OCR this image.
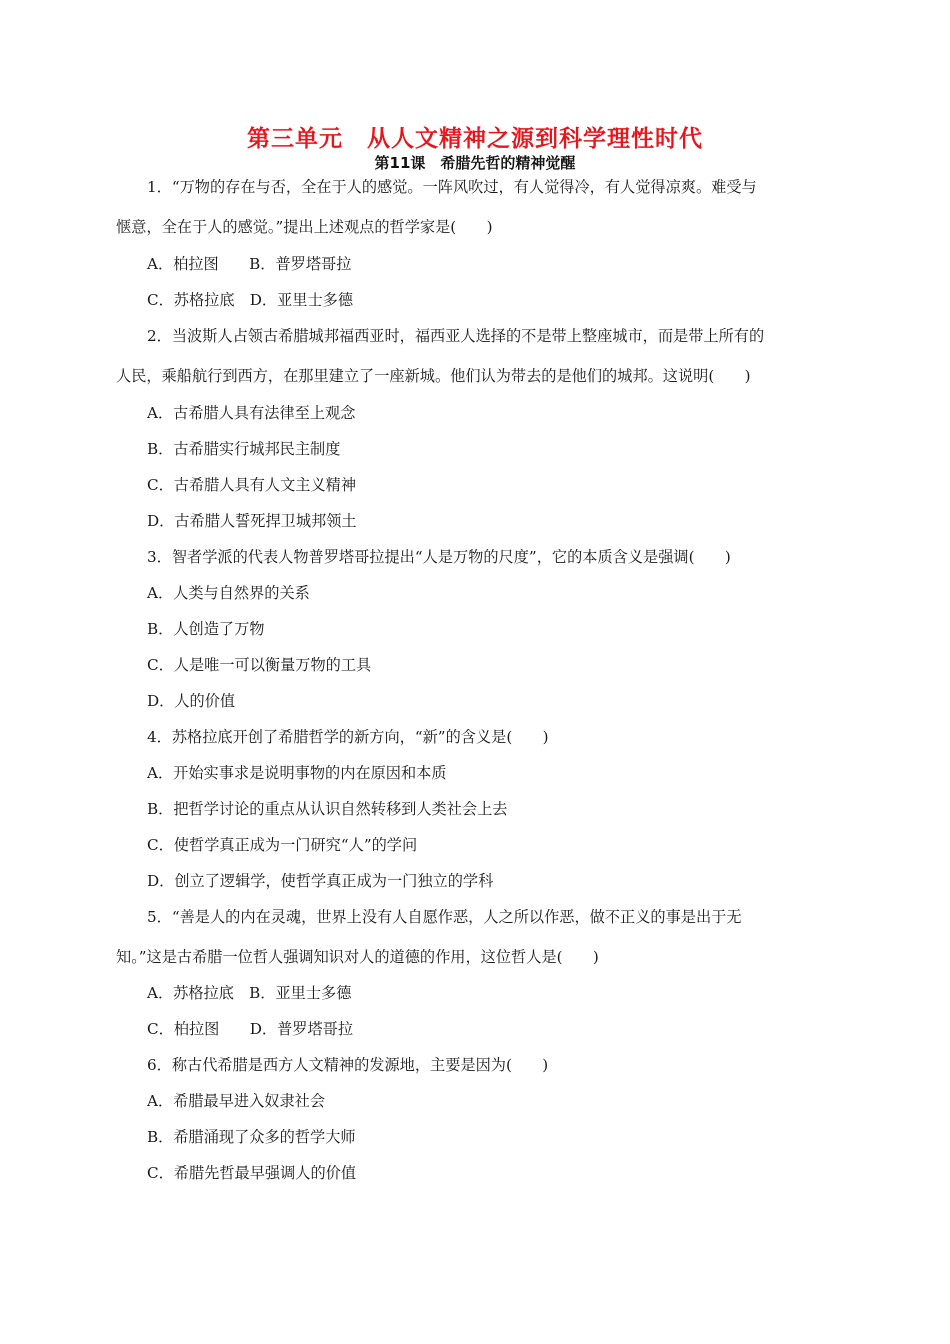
第三单元　从人文精神之源到科学理性时代
第11课　希腊先哲的精神觉醒
1．“万物的存在与否，全在于人的感觉。一阵风吹过，有人觉得冷，有人觉得凉爽。难受与
惬意，全在于人的感觉。”提出上述观点的哲学家是(　　)
A．柏拉图　　B．普罗塔哥拉
C．苏格拉底　D．亚里士多德
2．当波斯人占领古希腊城邦福西亚时，福西亚人选择的不是带上整座城市，而是带上所有的
人民，乘船航行到西方，在那里建立了一座新城。他们认为带去的是他们的城邦。这说明(　　)
A．古希腊人具有法律至上观念
B．古希腊实行城邦民主制度
C．古希腊人具有人文主义精神
D．古希腊人誓死捍卫城邦领土
3．智者学派的代表人物普罗塔哥拉提出“人是万物的尺度”，它的本质含义是强调(　　)
A．人类与自然界的关系
B．人创造了万物
C．人是唯一可以衡量万物的工具
D．人的价值
4．苏格拉底开创了希腊哲学的新方向，“新”的含义是(　　)
A．开始实事求是说明事物的内在原因和本质
B．把哲学讨论的重点从认识自然转移到人类社会上去
C．使哲学真正成为一门研究“人”的学问
D．创立了逻辑学，使哲学真正成为一门独立的学科
5．“善是人的内在灵魂，世界上没有人自愿作恶，人之所以作恶，做不正义的事是出于无
知。”这是古希腊一位哲人强调知识对人的道德的作用，这位哲人是(　　)
A．苏格拉底　B．亚里士多德
C．柏拉图　　D．普罗塔哥拉
6．称古代希腊是西方人文精神的发源地，主要是因为(　　)
A．希腊最早进入奴隶社会
B．希腊涌现了众多的哲学大师
C．希腊先哲最早强调人的价值
